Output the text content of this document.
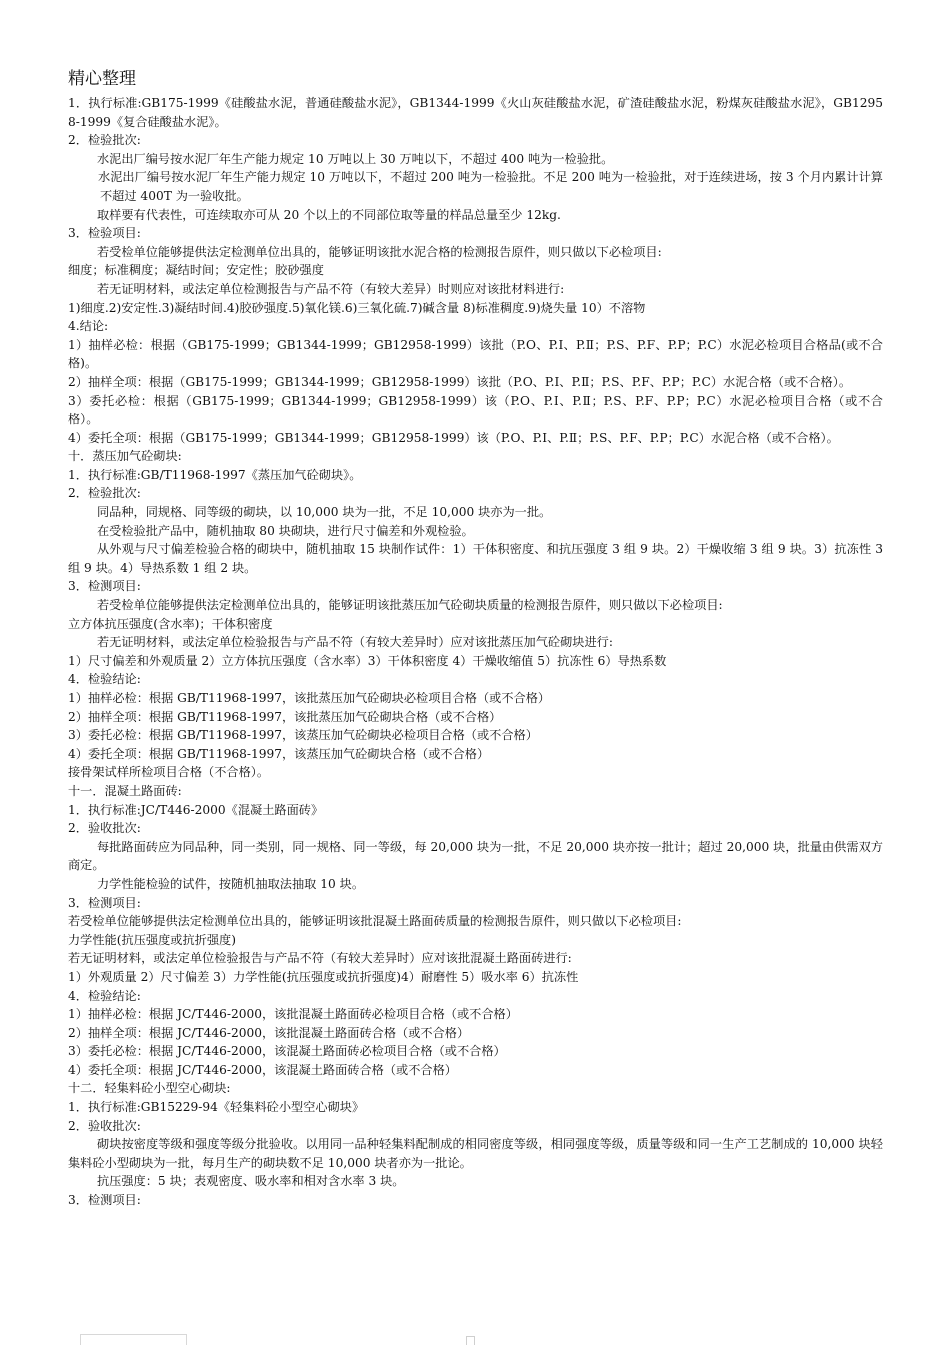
精心整理
1．执行标准:GB175-1999《硅酸盐水泥，普通硅酸盐水泥》，GB1344-1999《火山灰硅酸盐水泥，矿渣硅酸盐水泥，粉煤灰硅酸盐水泥》，GB12958-1999《复合硅酸盐水泥》。
2．检验批次:
水泥出厂编号按水泥厂年生产能力规定 10 万吨以上 30 万吨以下，不超过 400 吨为一检验批。
水泥出厂编号按水泥厂年生产能力规定 10 万吨以下，不超过 200 吨为一检验批。不足 200 吨为一检验批，对于连续进场，按 3 个月内累计计算不超过 400T 为一验收批。
取样要有代表性，可连续取亦可从 20 个以上的不同部位取等量的样品总量至少 12kg.
3．检验项目:
若受检单位能够提供法定检测单位出具的，能够证明该批水泥合格的检测报告原件，则只做以下必检项目:
细度；标准稠度；凝结时间；安定性；胶砂强度
若无证明材料，或法定单位检测报告与产品不符（有较大差异）时则应对该批材料进行:
1)细度.2)安定性.3)凝结时间.4)胶砂强度.5)氧化镁.6)三氧化硫.7)碱含量 8)标准稠度.9)烧失量 10）不溶物
4.结论:
1）抽样必检：根据（GB175-1999；GB1344-1999；GB12958-1999）该批（P.O、P.Ⅰ、P.Ⅱ；P.S、P.F、P.P；P.C）水泥必检项目合格品(或不合格)。
2）抽样全项：根据（GB175-1999；GB1344-1999；GB12958-1999）该批（P.O、P.Ⅰ、P.Ⅱ；P.S、P.F、P.P；P.C）水泥合格（或不合格）。
3）委托必检：根据（GB175-1999；GB1344-1999；GB12958-1999）该（P.O、P.Ⅰ、P.Ⅱ；P.S、P.F、P.P；P.C）水泥必检项目合格（或不合格）。
4）委托全项：根据（GB175-1999；GB1344-1999；GB12958-1999）该（P.O、P.Ⅰ、P.Ⅱ；P.S、P.F、P.P；P.C）水泥合格（或不合格）。
十．蒸压加气砼砌块:
1．执行标准:GB/T11968-1997《蒸压加气砼砌块》。
2．检验批次:
同品种，同规格、同等级的砌块，以 10,000 块为一批，不足 10,000 块亦为一批。
在受检验批产品中，随机抽取 80 块砌块，进行尺寸偏差和外观检验。
从外观与尺寸偏差检验合格的砌块中，随机抽取 15 块制作试件：1）干体积密度、和抗压强度 3 组 9 块。2）干燥收缩 3 组 9 块。3）抗冻性 3 组 9 块。4）导热系数 1 组 2 块。
3．检测项目:
若受检单位能够提供法定检测单位出具的，能够证明该批蒸压加气砼砌块质量的检测报告原件，则只做以下必检项目:
立方体抗压强度(含水率)；干体积密度
若无证明材料，或法定单位检验报告与产品不符（有较大差异时）应对该批蒸压加气砼砌块进行:
1）尺寸偏差和外观质量 2）立方体抗压强度（含水率）3）干体积密度 4）干燥收缩值 5）抗冻性 6）导热系数
4．检验结论:
1）抽样必检：根据 GB/T11968-1997，该批蒸压加气砼砌块必检项目合格（或不合格）
2）抽样全项：根据 GB/T11968-1997，该批蒸压加气砼砌块合格（或不合格）
3）委托必检：根据 GB/T11968-1997，该蒸压加气砼砌块必检项目合格（或不合格）
4）委托全项：根据 GB/T11968-1997，该蒸压加气砼砌块合格（或不合格）
接骨架试样所检项目合格（不合格）。
十一．混凝土路面砖:
1．执行标准:JC/T446-2000《混凝土路面砖》
2．验收批次:
每批路面砖应为同品种，同一类别，同一规格、同一等级，每 20,000 块为一批，不足 20,000 块亦按一批计；超过 20,000 块，批量由供需双方商定。
力学性能检验的试件，按随机抽取法抽取 10 块。
3．检测项目:
若受检单位能够提供法定检测单位出具的，能够证明该批混凝土路面砖质量的检测报告原件，则只做以下必检项目:
力学性能(抗压强度或抗折强度)
若无证明材料，或法定单位检验报告与产品不符（有较大差异时）应对该批混凝土路面砖进行:
1）外观质量 2）尺寸偏差 3）力学性能(抗压强度或抗折强度)4）耐磨性 5）吸水率 6）抗冻性
4．检验结论:
1）抽样必检：根据 JC/T446-2000，该批混凝土路面砖必检项目合格（或不合格）
2）抽样全项：根据 JC/T446-2000，该批混凝土路面砖合格（或不合格）
3）委托必检：根据 JC/T446-2000，该混凝土路面砖必检项目合格（或不合格）
4）委托全项：根据 JC/T446-2000，该混凝土路面砖合格（或不合格）
十二．轻集料砼小型空心砌块:
1．执行标准:GB15229-94《轻集料砼小型空心砌块》
2．验收批次:
砌块按密度等级和强度等级分批验收。以用同一品种轻集料配制成的相同密度等级，相同强度等级，质量等级和同一生产工艺制成的 10,000 块轻集料砼小型砌块为一批，每月生产的砌块数不足 10,000 块者亦为一批论。
抗压强度：5 块；表观密度、吸水率和相对含水率 3 块。
3．检测项目:
